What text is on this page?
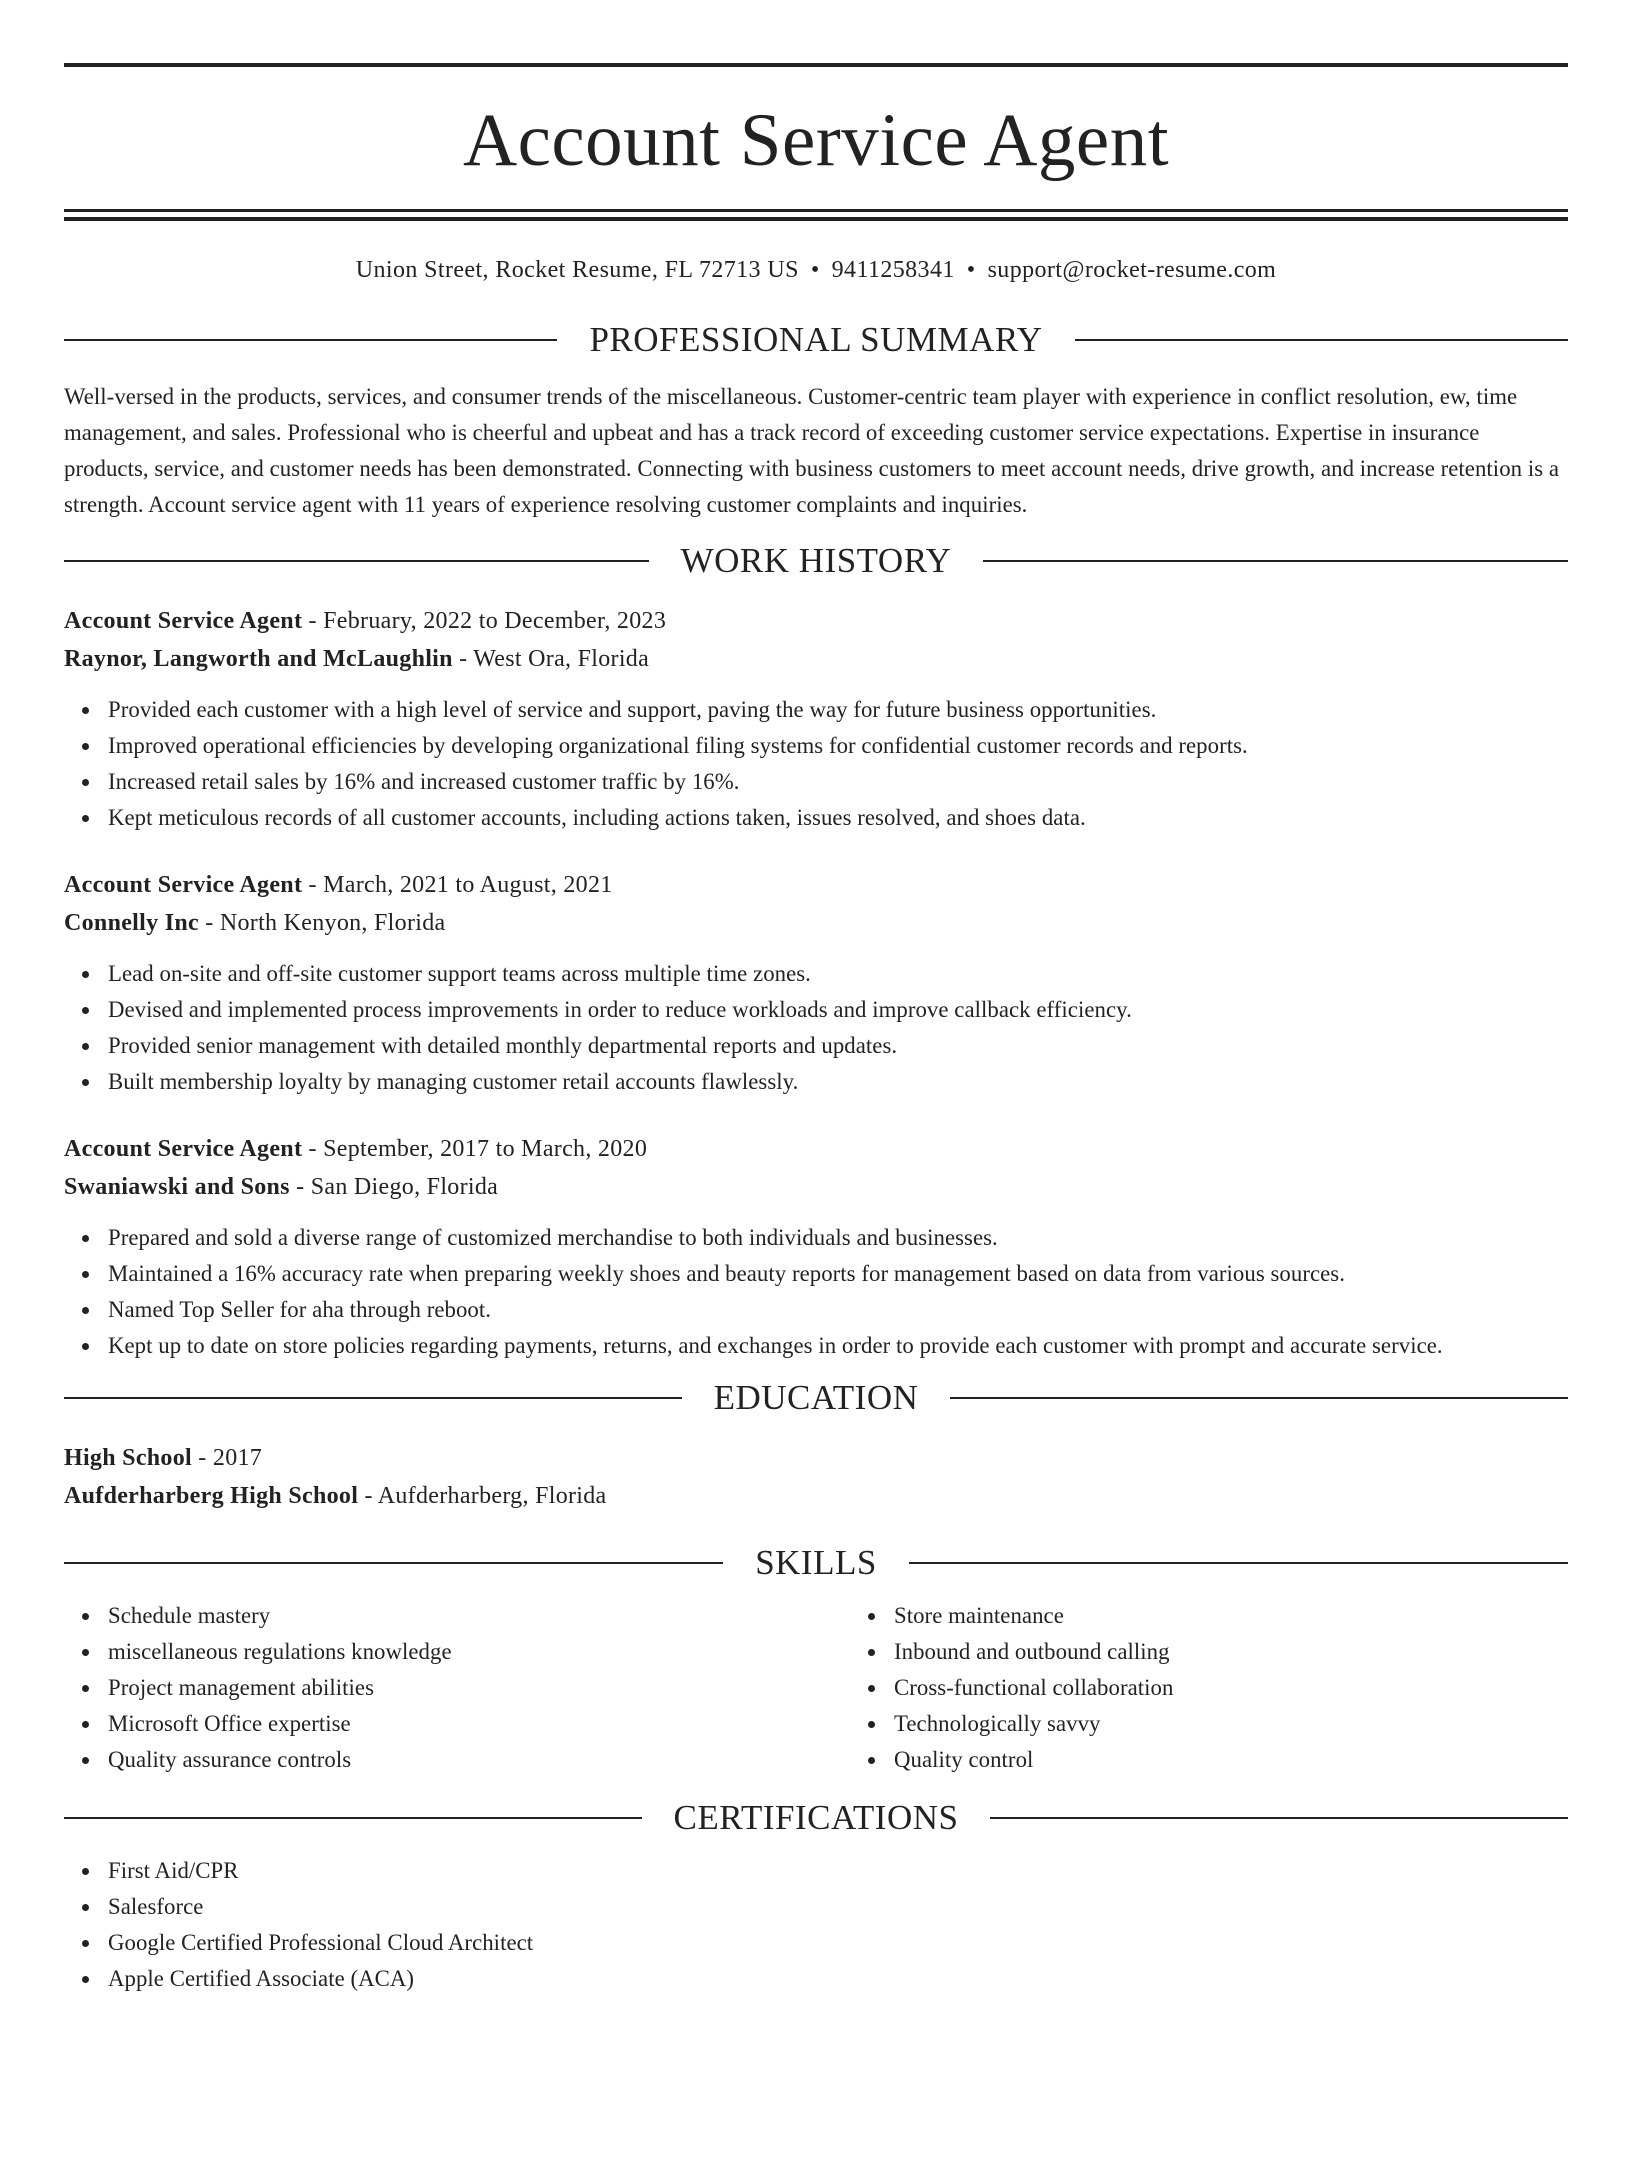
Account Service Agent
Union Street, Rocket Resume, FL 72713 US • 9411258341 • support@rocket-resume.com
PROFESSIONAL SUMMARY

Well-versed in the products, services, and consumer trends of the miscellaneous. Customer-centric team player with experience in conflict resolution, ew, time management, and sales. Professional who is cheerful and upbeat and has a track record of exceeding customer service expectations. Expertise in insurance products, service, and customer needs has been demonstrated. Connecting with business customers to meet account needs, drive growth, and increase retention is a strength. Account service agent with 11 years of experience resolving customer complaints and inquiries.

WORK HISTORY
Account Service Agent - February, 2022 to December, 2023
Raynor, Langworth and McLaughlin - West Ora, Florida
Provided each customer with a high level of service and support, paving the way for future business opportunities.
Improved operational efficiencies by developing organizational filing systems for confidential customer records and reports.
Increased retail sales by 16% and increased customer traffic by 16%.
Kept meticulous records of all customer accounts, including actions taken, issues resolved, and shoes data.
Account Service Agent - March, 2021 to August, 2021
Connelly Inc - North Kenyon, Florida
Lead on-site and off-site customer support teams across multiple time zones.
Devised and implemented process improvements in order to reduce workloads and improve callback efficiency.
Provided senior management with detailed monthly departmental reports and updates.
Built membership loyalty by managing customer retail accounts flawlessly.
Account Service Agent - September, 2017 to March, 2020
Swaniawski and Sons - San Diego, Florida
Prepared and sold a diverse range of customized merchandise to both individuals and businesses.
Maintained a 16% accuracy rate when preparing weekly shoes and beauty reports for management based on data from various sources.
Named Top Seller for aha through reboot.
Kept up to date on store policies regarding payments, returns, and exchanges in order to provide each customer with prompt and accurate service.
EDUCATION
High School - 2017
Aufderharberg High School - Aufderharberg, Florida
SKILLS
Schedule mastery
miscellaneous regulations knowledge
Project management abilities
Microsoft Office expertise
Quality assurance controls
Store maintenance
Inbound and outbound calling
Cross-functional collaboration
Technologically savvy
Quality control
CERTIFICATIONS
First Aid/CPR
Salesforce
Google Certified Professional Cloud Architect
Apple Certified Associate (ACA)
